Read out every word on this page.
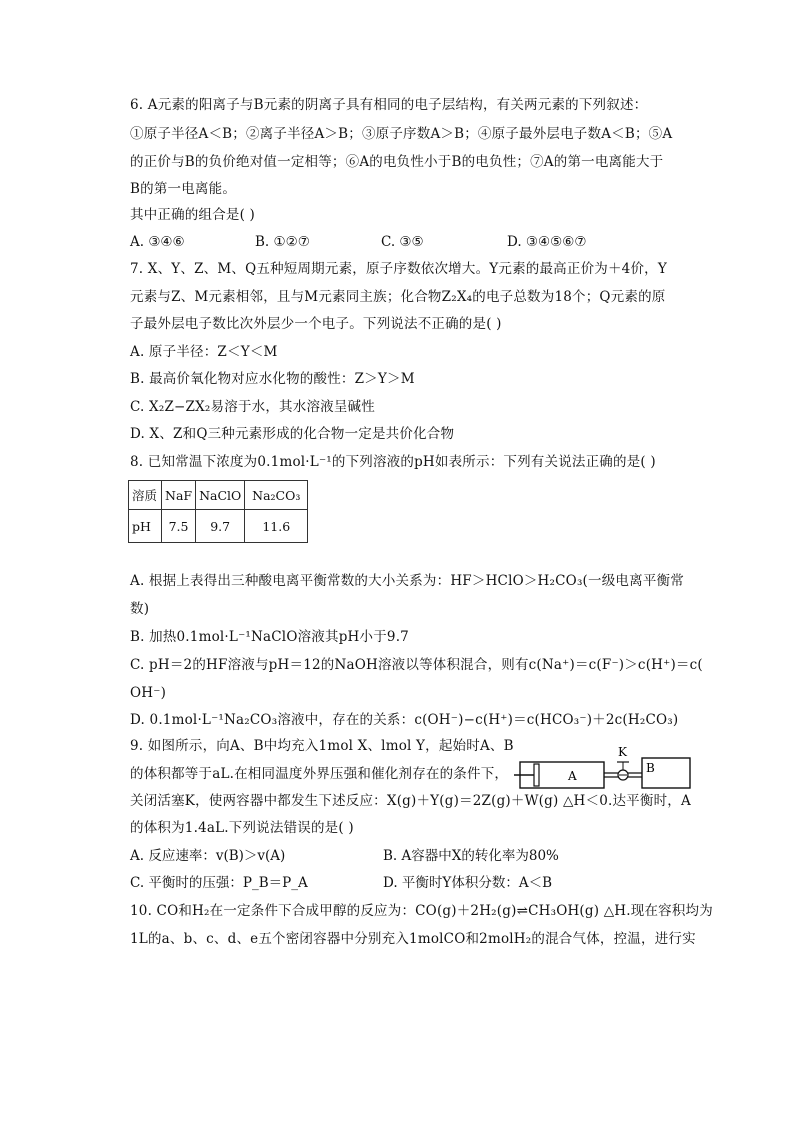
6. A元素的阳离子与B元素的阴离子具有相同的电子层结构，有关两元素的下列叙述：
①原子半径A＜B；②离子半径A＞B；③原子序数A＞B；④原子最外层电子数A＜B；⑤A
的正价与B的负价绝对值一定相等；⑥A的电负性小于B的电负性；⑦A的第一电离能大于
B的第一电离能。
其中正确的组合是( )
A. ③④⑥	B. ①②⑦	C. ③⑤	D. ③④⑤⑥⑦
7. X、Y、Z、M、Q五种短周期元素，原子序数依次增大。Y元素的最高正价为＋4价，Y
元素与Z、M元素相邻，且与M元素同主族；化合物Z₂X₄的电子总数为18个；Q元素的原
子最外层电子数比次外层少一个电子。下列说法不正确的是( )
A. 原子半径：Z＜Y＜M
B. 最高价氧化物对应水化物的酸性：Z＞Y＞M
C. X₂Z−ZX₂易溶于水，其水溶液呈碱性
D. X、Z和Q三种元素形成的化合物一定是共价化合物
8. 已知常温下浓度为0.1mol·L⁻¹的下列溶液的pH如表所示：下列有关说法正确的是( )
溶质	NaF	NaClO	Na₂CO₃
pH	7.5	9.7	11.6
A. 根据上表得出三种酸电离平衡常数的大小关系为：HF＞HClO＞H₂CO₃(一级电离平衡常
数)
B. 加热0.1mol·L⁻¹NaClO溶液其pH小于9.7
C. pH＝2的HF溶液与pH＝12的NaOH溶液以等体积混合，则有c(Na⁺)＝c(F⁻)＞c(H⁺)＝c(
OH⁻)
D. 0.1mol·L⁻¹Na₂CO₃溶液中，存在的关系：c(OH⁻)−c(H⁺)＝c(HCO₃⁻)＋2c(H₂CO₃)
9. 如图所示，向A、B中均充入1mol X、lmol Y，起始时A、B
的体积都等于aL.在相同温度外界压强和催化剂存在的条件下，
关闭活塞K，使两容器中都发生下述反应：X(g)＋Y(g)＝2Z(g)＋W(g) △H＜0.达平衡时，A
的体积为1.4aL.下列说法错误的是( )
A. 反应速率：v(B)＞v(A)	B. A容器中X的转化率为80%
C. 平衡时的压强：P_B＝P_A	D. 平衡时Y体积分数：A＜B
A
K
B
10. CO和H₂在一定条件下合成甲醇的反应为：CO(g)＋2H₂(g)⇌CH₃OH(g) △H.现在容积均为
1L的a、b、c、d、e五个密闭容器中分别充入1molCO和2molH₂的混合气体，控温，进行实
